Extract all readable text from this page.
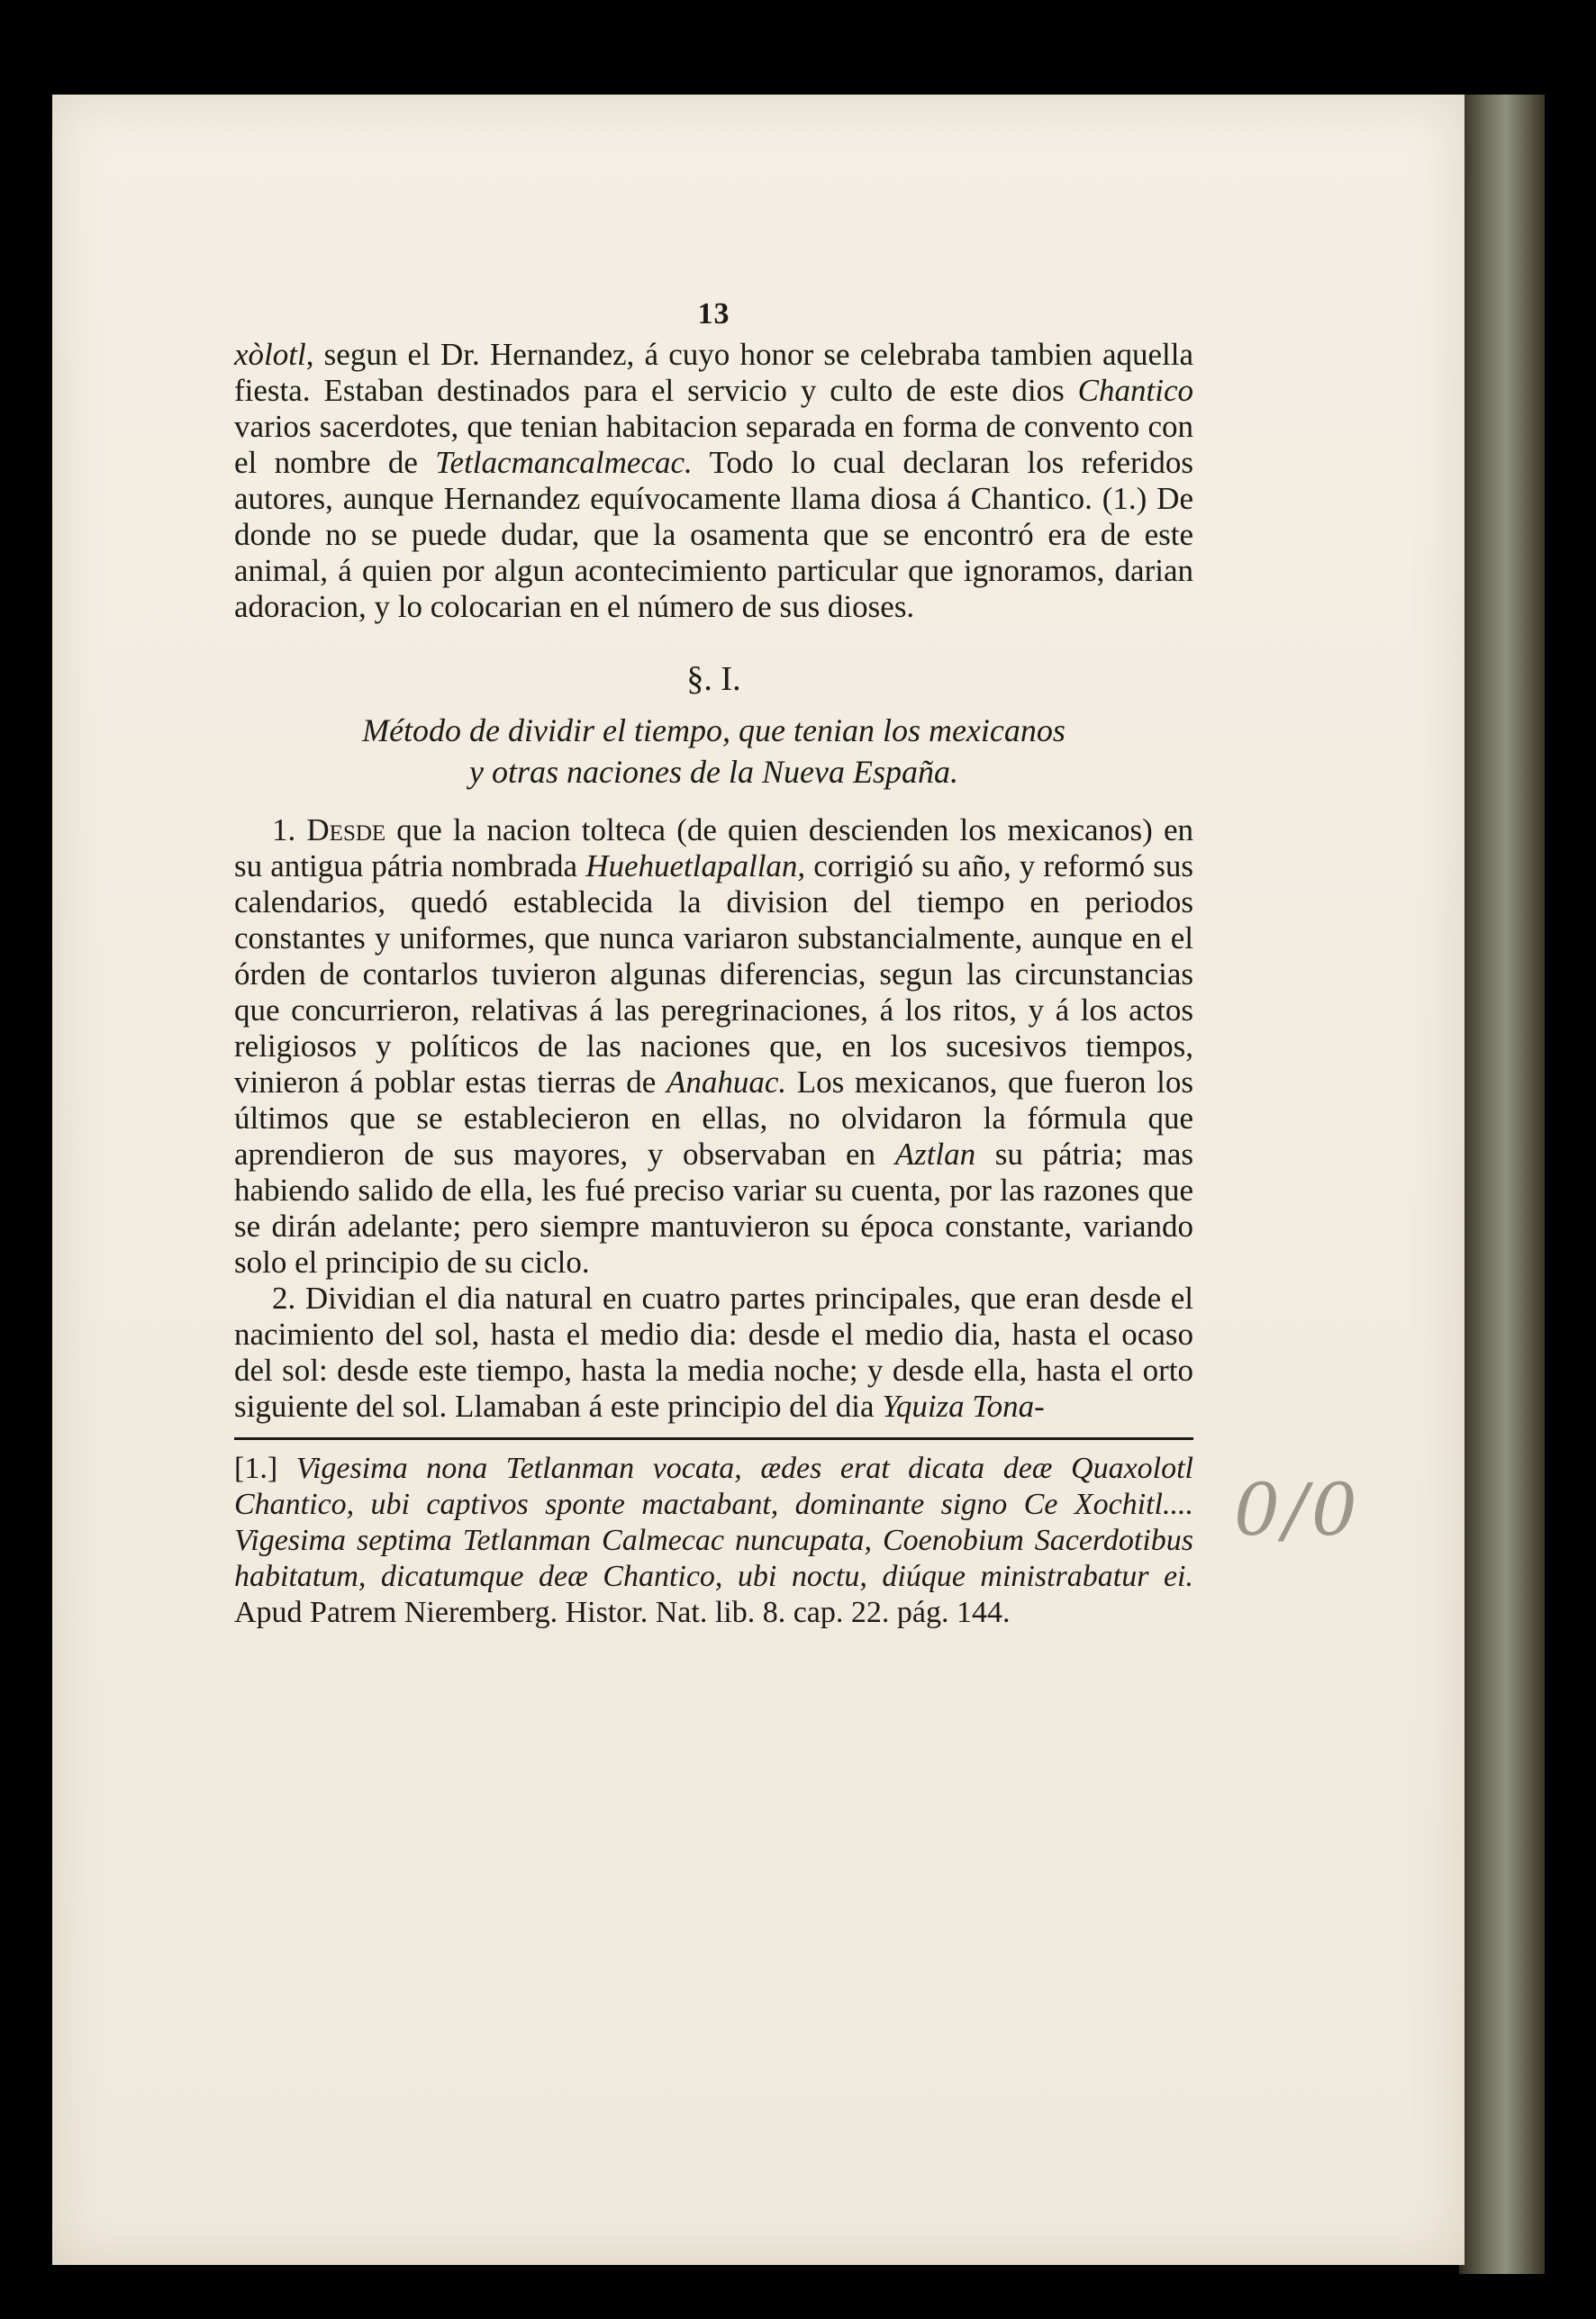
13

xòlotl, segun el Dr. Hernandez, á cuyo honor se celebraba tambien aquella fiesta. Estaban destinados para el servicio y culto de este dios Chantico varios sacerdotes, que tenian habitacion separada en forma de convento con el nombre de Tetlacmancalmecac. Todo lo cual declaran los referidos autores, aunque Hernandez equívocamente llama diosa á Chantico. (1.) De donde no se puede dudar, que la osamenta que se encontró era de este animal, á quien por algun acontecimiento particular que ignoramos, darian adoracion, y lo colocarian en el número de sus dioses.

§. I.
Método de dividir el tiempo, que tenian los mexicanos
y otras naciones de la Nueva España.

1. Desde que la nacion tolteca (de quien descienden los mexicanos) en su antigua pátria nombrada Huehuetlapallan, corrigió su año, y reformó sus calendarios, quedó establecida la division del tiempo en periodos constantes y uniformes, que nunca variaron substancialmente, aunque en el órden de contarlos tuvieron algunas diferencias, segun las circunstancias que concurrieron, relativas á las peregrinaciones, á los ritos, y á los actos religiosos y políticos de las naciones que, en los sucesivos tiempos, vinieron á poblar estas tierras de Anahuac. Los mexicanos, que fueron los últimos que se establecieron en ellas, no olvidaron la fórmula que aprendieron de sus mayores, y observaban en Aztlan su pátria; mas habiendo salido de ella, les fué preciso variar su cuenta, por las razones que se dirán adelante; pero siempre mantuvieron su época constante, variando solo el principio de su ciclo.

2. Dividian el dia natural en cuatro partes principales, que eran desde el nacimiento del sol, hasta el medio dia: desde el medio dia, hasta el ocaso del sol: desde este tiempo, hasta la media noche; y desde ella, hasta el orto siguiente del sol. Llamaban á este principio del dia Yquiza Tona-

[1.] Vigesima nona Tetlanman vocata, ædes erat dicata deæ Quaxolotl Chantico, ubi captivos sponte mactabant, dominante signo Ce Xochitl.... Vigesima septima Tetlanman Calmecac nuncupata, Coenobium Sacerdotibus habitatum, dicatumque deæ Chantico, ubi noctu, diúque ministrabatur ei. Apud Patrem Nieremberg. Histor. Nat. lib. 8. cap. 22. pág. 144.

0/0
